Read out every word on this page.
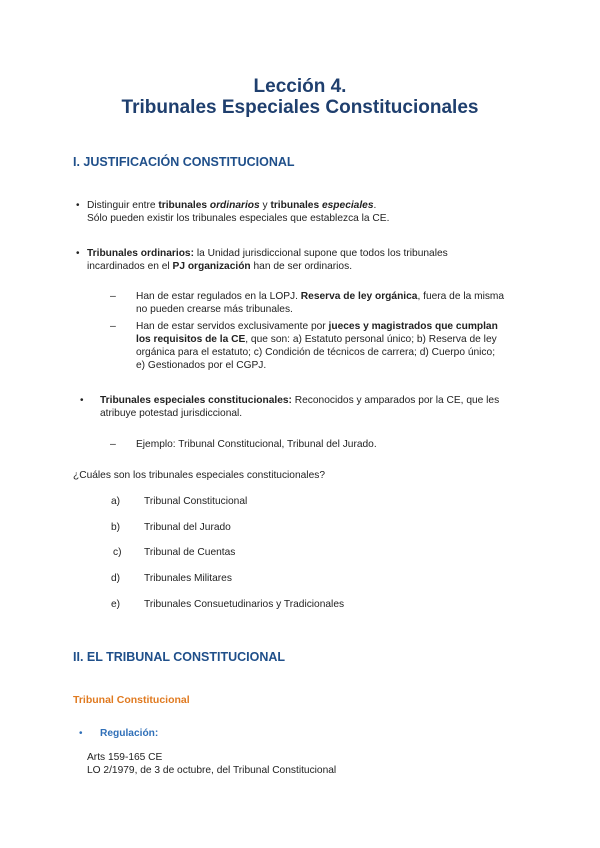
Lección 4.
Tribunales Especiales Constitucionales
I. JUSTIFICACIÓN CONSTITUCIONAL
• Distinguir entre tribunales ordinarios y tribunales especiales.
Sólo pueden existir los tribunales especiales que establezca la CE.
• Tribunales ordinarios: la Unidad jurisdiccional supone que todos los tribunales
incardinados en el PJ organización han de ser ordinarios.
– Han de estar regulados en la LOPJ. Reserva de ley orgánica, fuera de la misma
no pueden crearse más tribunales.
– Han de estar servidos exclusivamente por jueces y magistrados que cumplan
los requisitos de la CE, que son: a) Estatuto personal único; b) Reserva de ley
orgánica para el estatuto; c) Condición de técnicos de carrera; d) Cuerpo único;
e) Gestionados por el CGPJ.
• Tribunales especiales constitucionales: Reconocidos y amparados por la CE, que les
atribuye potestad jurisdiccional.
– Ejemplo: Tribunal Constitucional, Tribunal del Jurado.
¿Cuáles son los tribunales especiales constitucionales?
a) Tribunal Constitucional
b) Tribunal del Jurado
c) Tribunal de Cuentas
d) Tribunales Militares
e) Tribunales Consuetudinarios y Tradicionales
II. EL TRIBUNAL CONSTITUCIONAL
Tribunal Constitucional
• Regulación:
Arts 159-165 CE
LO 2/1979, de 3 de octubre, del Tribunal Constitucional
